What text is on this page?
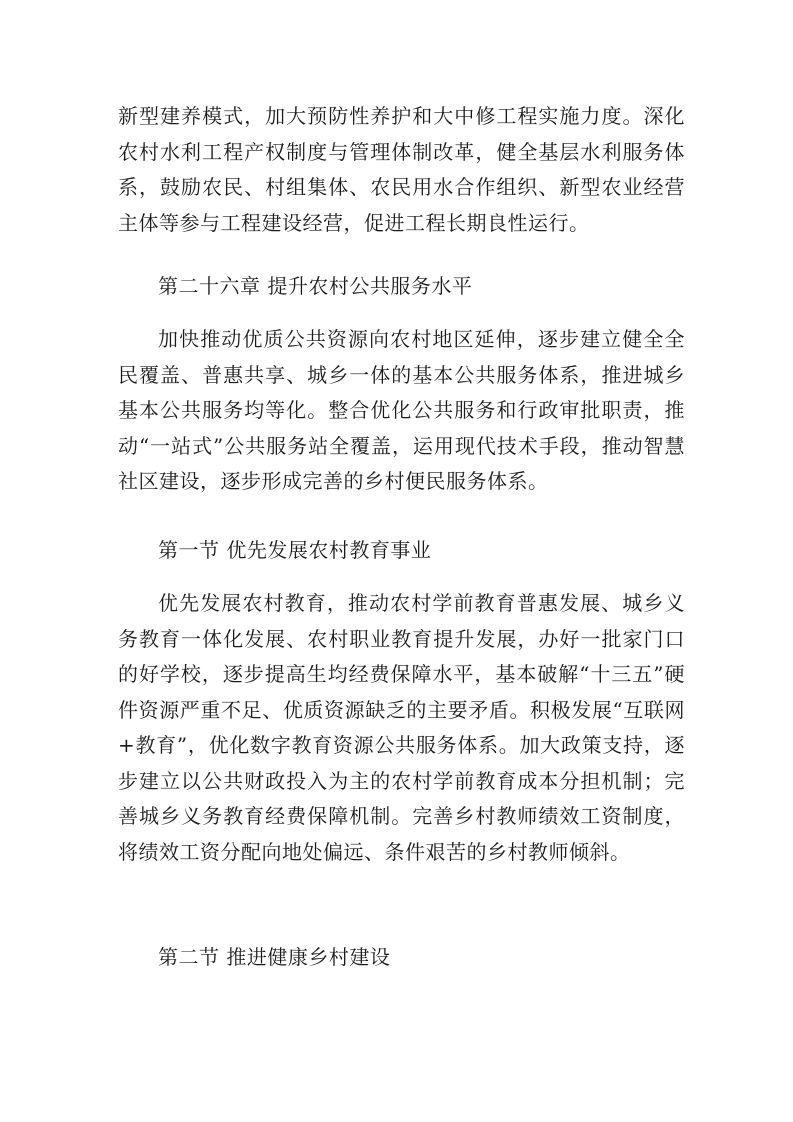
新型建养模式，加大预防性养护和大中修工程实施力度。深化农村水利工程产权制度与管理体制改革，健全基层水利服务体系，鼓励农民、村组集体、农民用水合作组织、新型农业经营主体等参与工程建设经营，促进工程长期良性运行。

第二十六章 提升农村公共服务水平

加快推动优质公共资源向农村地区延伸，逐步建立健全全民覆盖、普惠共享、城乡一体的基本公共服务体系，推进城乡基本公共服务均等化。整合优化公共服务和行政审批职责，推动“一站式”公共服务站全覆盖，运用现代技术手段，推动智慧社区建设，逐步形成完善的乡村便民服务体系。

第一节 优先发展农村教育事业

优先发展农村教育，推动农村学前教育普惠发展、城乡义务教育一体化发展、农村职业教育提升发展，办好一批家门口的好学校，逐步提高生均经费保障水平，基本破解“十三五”硬件资源严重不足、优质资源缺乏的主要矛盾。积极发展“互联网+教育”，优化数字教育资源公共服务体系。加大政策支持，逐步建立以公共财政投入为主的农村学前教育成本分担机制；完善城乡义务教育经费保障机制。完善乡村教师绩效工资制度，将绩效工资分配向地处偏远、条件艰苦的乡村教师倾斜。

第二节 推进健康乡村建设
